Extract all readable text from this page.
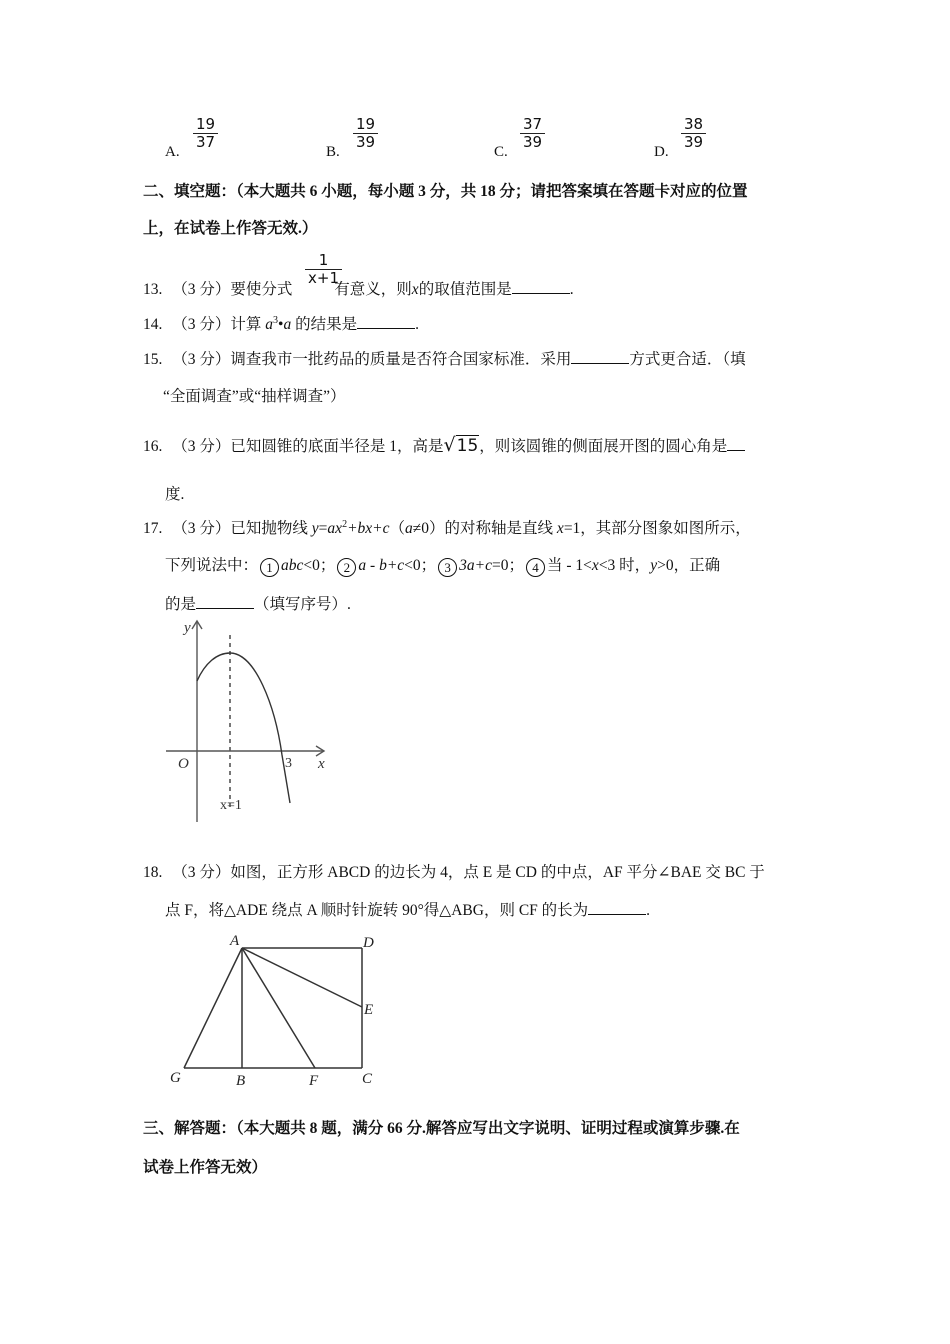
A.
$\frac{19}{37}$
B.
$\frac{19}{39}$
C.
$\frac{37}{39}$
D.
$\frac{38}{39}$
二、填空题：（本大题共 6 小题，每小题 3 分，共 18 分；请把答案填在答题卡对应的位置
上，在试卷上作答无效.）
13. （3 分）要使分式	有意义，则x的取值范围是	.
$\frac{1}{x+1}$
14. （3 分）计算 $a^3•a$ 的结果是	.
15. （3 分）调查我市一批药品的质量是否符合国家标准．采用	方式更合适．（填
“全面调查”或“抽样调查”）
16. （3 分）已知圆锥的底面半径是 1，高是√15，则该圆锥的侧面展开图的圆心角是
度.
17. （3 分）已知抛物线 $y=ax^2+bx+c(a\ne 0)$的对称轴是直线 x=1，其部分图象如图所示，
下列说法中： 1 abc<0； 2 a - b+c<0； 3 3a+c=0； 4 当 - 1<x<3 时，y>0，正确
的是	（填写序号）.
y
x
O	3
x=1
18. （3 分）如图，正方形 ABCD 的边长为 4，点 E 是 CD 的中点，AF 平分∠BAE 交 BC 于
点 F，将△ADE 绕点 A 顺时针旋转 90°得△ABG，则 CF 的长为	.
A	D
E
G	B	F	C
三、解答题：（本大题共 8 题，满分 66 分.解答应写出文字说明、证明过程或演算步骤.在
试卷上作答无效）
